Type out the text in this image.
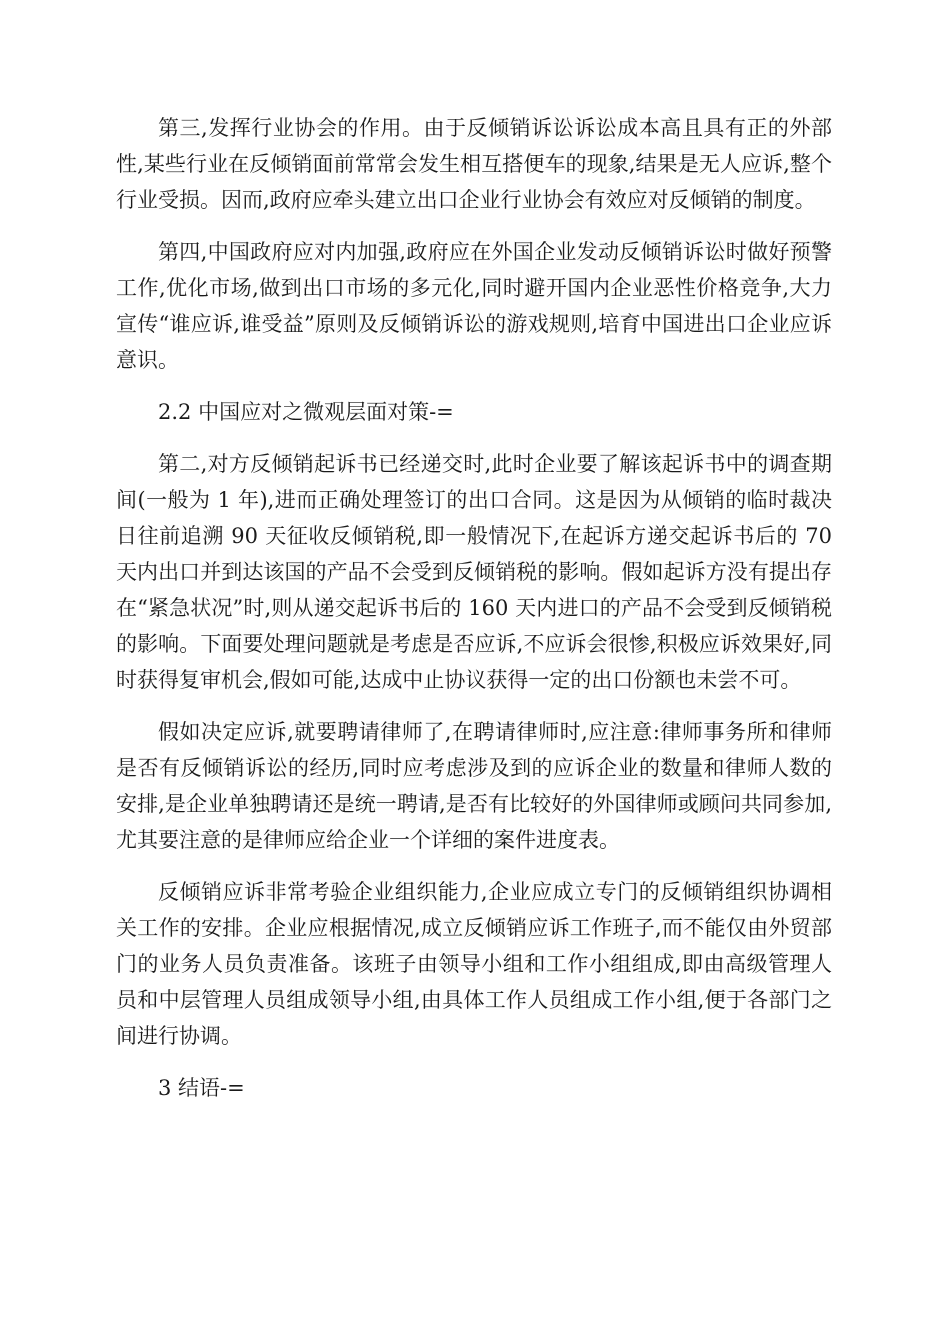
第三,发挥行业协会的作用。由于反倾销诉讼诉讼成本高且具有正的外部性,某些行业在反倾销面前常常会发生相互搭便车的现象,结果是无人应诉,整个行业受损。因而,政府应牵头建立出口企业行业协会有效应对反倾销的制度。

第四,中国政府应对内加强,政府应在外国企业发动反倾销诉讼时做好预警工作,优化市场,做到出口市场的多元化,同时避开国内企业恶性价格竞争,大力宣传“谁应诉,谁受益”原则及反倾销诉讼的游戏规则,培育中国进出口企业应诉意识。

2.2 中国应对之微观层面对策-=

第二,对方反倾销起诉书已经递交时,此时企业要了解该起诉书中的调查期间(一般为 1 年),进而正确处理签订的出口合同。这是因为从倾销的临时裁决日往前追溯 90 天征收反倾销税,即一般情况下,在起诉方递交起诉书后的 70 天内出口并到达该国的产品不会受到反倾销税的影响。假如起诉方没有提出存在“紧急状况”时,则从递交起诉书后的 160 天内进口的产品不会受到反倾销税的影响。下面要处理问题就是考虑是否应诉,不应诉会很惨,积极应诉效果好,同时获得复审机会,假如可能,达成中止协议获得一定的出口份额也未尝不可。

假如决定应诉,就要聘请律师了,在聘请律师时,应注意:律师事务所和律师是否有反倾销诉讼的经历,同时应考虑涉及到的应诉企业的数量和律师人数的安排,是企业单独聘请还是统一聘请,是否有比较好的外国律师或顾问共同参加,尤其要注意的是律师应给企业一个详细的案件进度表。

反倾销应诉非常考验企业组织能力,企业应成立专门的反倾销组织协调相关工作的安排。企业应根据情况,成立反倾销应诉工作班子,而不能仅由外贸部门的业务人员负责准备。该班子由领导小组和工作小组组成,即由高级管理人员和中层管理人员组成领导小组,由具体工作人员组成工作小组,便于各部门之间进行协调。

3 结语-=
